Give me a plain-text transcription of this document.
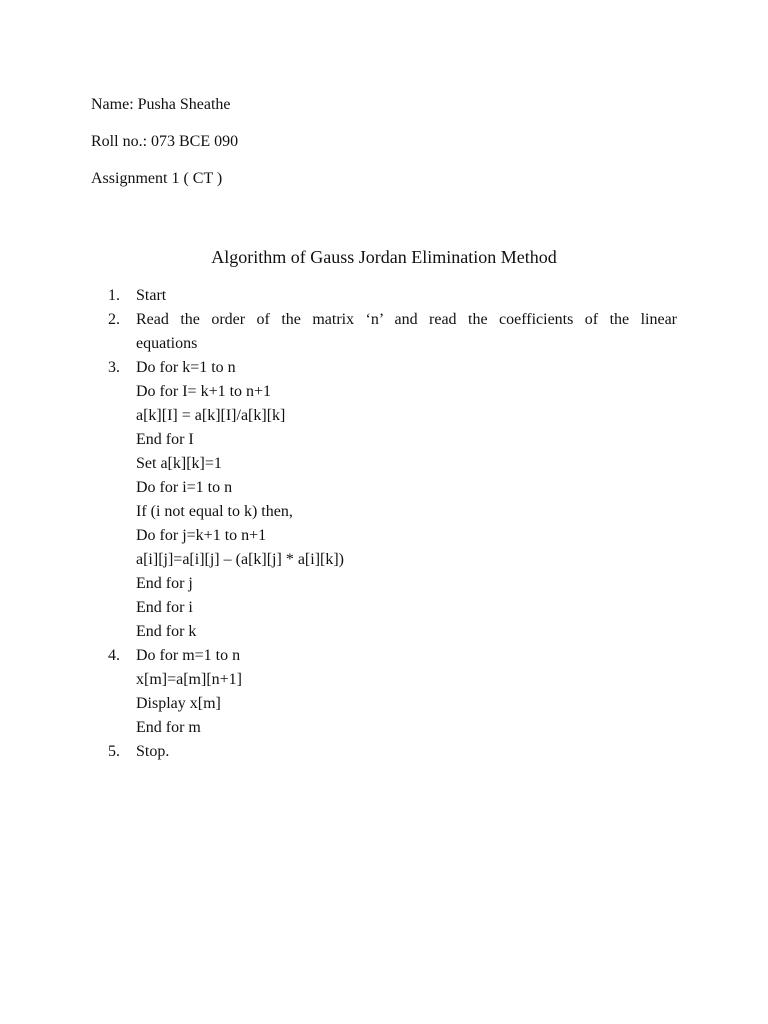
Name: Pusha Sheathe
Roll no.: 073 BCE 090
Assignment 1 ( CT )
Algorithm of Gauss Jordan Elimination Method
1.	Start
2.	Read the order of the matrix ‘n’ and read the coefficients of the linear
equations
3.	Do for k=1 to n
Do for I= k+1 to n+1
a[k][I] = a[k][I]/a[k][k]
End for I
Set a[k][k]=1
Do for i=1 to n
If (i not equal to k) then,
Do for j=k+1 to n+1
a[i][j]=a[i][j] – (a[k][j] * a[i][k])
End for j
End for i
End for k
4.	Do for m=1 to n
x[m]=a[m][n+1]
Display x[m]
End for m
5.	Stop.
